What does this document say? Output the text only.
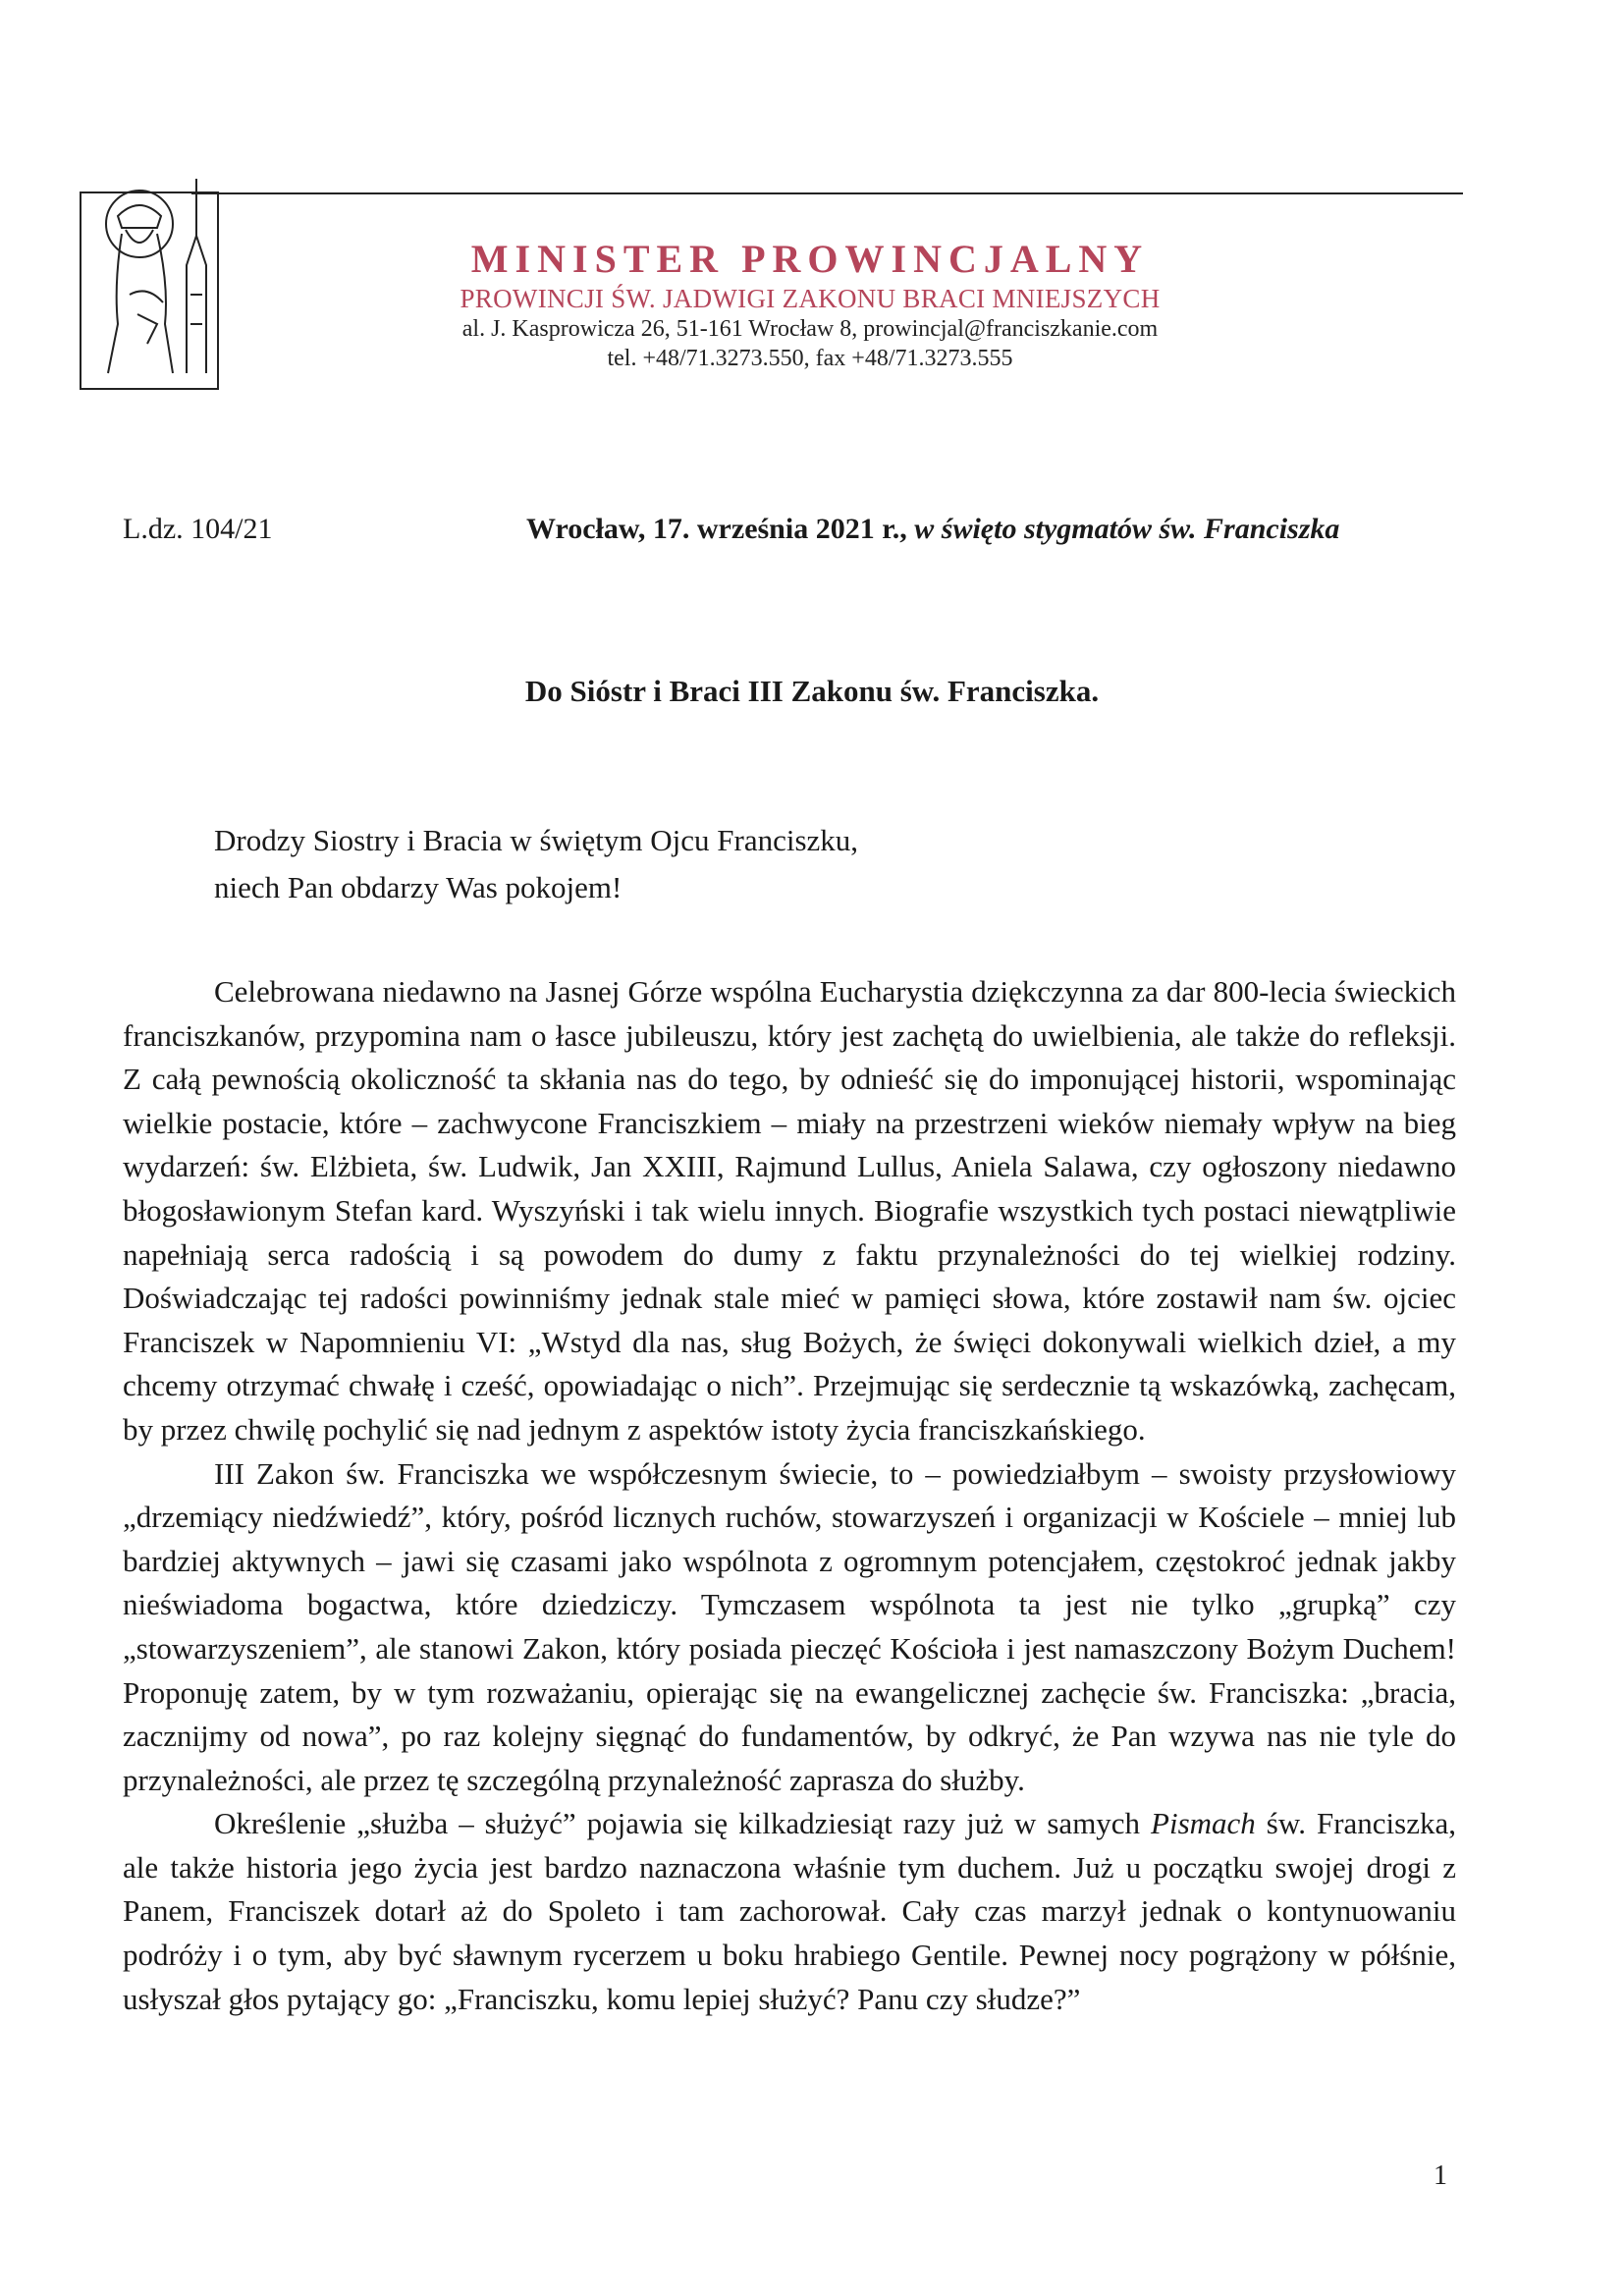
MINISTER PROWINCJALNY
PROWINCJI ŚW. JADWIGI ZAKONU BRACI MNIEJSZYCH
al. J. Kasprowicza 26, 51-161 Wrocław 8, prowincjal@franciszkanie.com
tel. +48/71.3273.550, fax +48/71.3273.555
L.dz. 104/21	Wrocław, 17. września 2021 r., w święto stygmatów św. Franciszka
Do Sióstr i Braci III Zakonu św. Franciszka.
Drodzy Siostry i Bracia w świętym Ojcu Franciszku,
niech Pan obdarzy Was pokojem!

Celebrowana niedawno na Jasnej Górze wspólna Eucharystia dziękczynna za dar 800-lecia świeckich franciszkanów, przypomina nam o łasce jubileuszu, który jest zachętą do uwielbienia, ale także do refleksji. Z całą pewnością okoliczność ta skłania nas do tego, by odnieść się do imponującej historii, wspominając wielkie postacie, które – zachwycone Franciszkiem – miały na przestrzeni wieków niemały wpływ na bieg wydarzeń: św. Elżbieta, św. Ludwik, Jan XXIII, Rajmund Lullus, Aniela Salawa, czy ogłoszony niedawno błogosławionym Stefan kard. Wyszyński i tak wielu innych. Biografie wszystkich tych postaci niewątpliwie napełniają serca radością i są powodem do dumy z faktu przynależności do tej wielkiej rodziny. Doświadczając tej radości powinniśmy jednak stale mieć w pamięci słowa, które zostawił nam św. ojciec Franciszek w Napomnieniu VI: „Wstyd dla nas, sług Bożych, że święci dokonywali wielkich dzieł, a my chcemy otrzymać chwałę i cześć, opowiadając o nich”. Przejmując się serdecznie tą wskazówką, zachęcam, by przez chwilę pochylić się nad jednym z aspektów istoty życia franciszkańskiego.

III Zakon św. Franciszka we współczesnym świecie, to – powiedziałbym – swoisty przysłowiowy „drzemiący niedźwiedź”, który, pośród licznych ruchów, stowarzyszeń i organizacji w Kościele – mniej lub bardziej aktywnych – jawi się czasami jako wspólnota z ogromnym potencjałem, częstokroć jednak jakby nieświadoma bogactwa, które dziedziczy. Tymczasem wspólnota ta jest nie tylko „grupką” czy „stowarzyszeniem”, ale stanowi Zakon, który posiada pieczęć Kościoła i jest namaszczony Bożym Duchem! Proponuję zatem, by w tym rozważaniu, opierając się na ewangelicznej zachęcie św. Franciszka: „bracia, zacznijmy od nowa”, po raz kolejny sięgnąć do fundamentów, by odkryć, że Pan wzywa nas nie tyle do przynależności, ale przez tę szczególną przynależność zaprasza do służby.

Określenie „służba – służyć” pojawia się kilkadziesiąt razy już w samych Pismach św. Franciszka, ale także historia jego życia jest bardzo naznaczona właśnie tym duchem. Już u początku swojej drogi z Panem, Franciszek dotarł aż do Spoleto i tam zachorował. Cały czas marzył jednak o kontynuowaniu podróży i o tym, aby być sławnym rycerzem u boku hrabiego Gentile. Pewnej nocy pogrążony w półśnie, usłyszał głos pytający go: „Franciszku, komu lepiej służyć? Panu czy słudze?”

1
